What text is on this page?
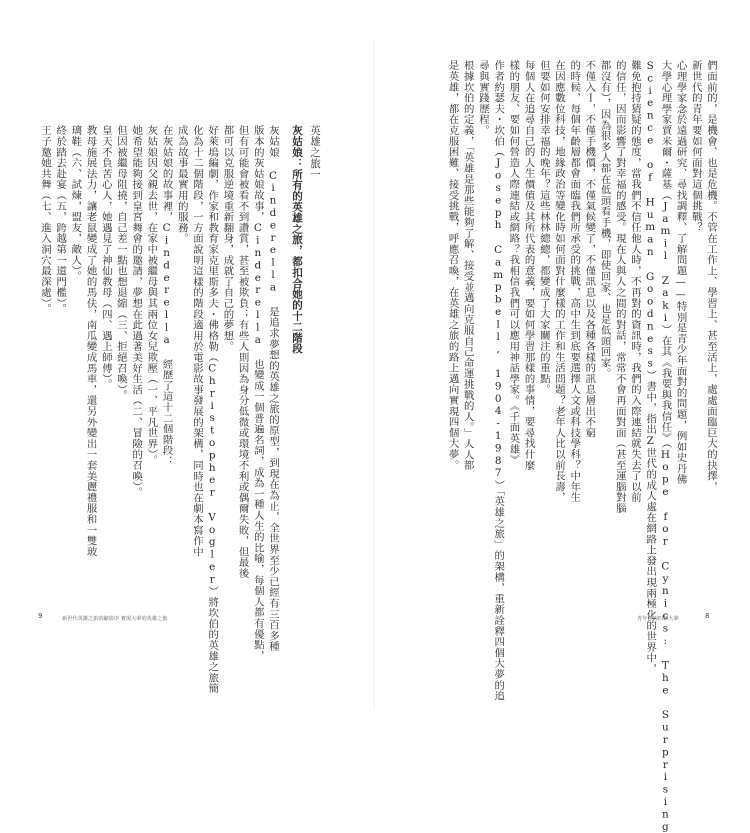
英雄之旅一
灰姑娘：所有的英雄之旅，都扣合她的十二階段
灰姑娘 Cinderella 是追求夢想的英雄之旅的原型，到現在為止，全世界至少已經有三百多種
版本的灰姑娘故事，Cinderella 也變成一個普遍名詞，成為一種人生的比喻，每個人都有優點，
但有可能會被看不到讚賞，甚至被欺負；有些人則因為身分低微或環境不利或偶爾失敗，但最後
都可以克服逆境重新翻身，成就了自己的夢想。
好萊塢編劇，作家和教育家克里斯多夫・佛格勒（Christopher Vogler）將坎伯的英雄之旅簡
化為十二個階段，一方面說明這樣的階段適用於電影故事發展的架構，同時也在劇本寫作中
成為故事最實用的服務。
在灰姑娘的故事裡，Cinderella 經歷了這十二個階段：
灰姑娘因父親去世，在家中被繼母與其兩位女兒欺壓（一、平凡世界）。
她希望能夠接到皇宮舞會的邀請，夢想在此過著美好生活（二、冒險的召喚）。
但因被繼母阻撓，自己差一點也想退縮（三、拒絕召喚）。
皇天不負苦心人，她遇見了神仙教母（四、遇上師傅）。
教母施展法力，讓老鼠變成了她的馬伕，南瓜變成馬車，還另外變出一套美麗禮服和一雙玻
璃鞋（六、試煉，盟友，敵人）。
終於踏去赴宴（五，跨越第一道門檻）。
王子邀她共舞（七、進入洞穴最深處）。
9	新世代英雄之旅的縮影序 實現大夢的英雄之旅
們面前的，是機會、也是危機。不管在工作上、學習上、甚至活上，處處面臨巨大的抉擇，
新世代的青年要如何面對這個挑戰？
心理學家念於遠過研究、尋找調釋、了解問題——特別是青少年面對的問題，例如史丹佛
大學心理學家賈米爾・薩基（Jamil Zaki）在其《我要與我信任》（Hope for Cynics: The Surprising
Science of Human Goodness）書中，指出Z世代的成人處在網路上發出現兩極化的世界中，
難免抱持猜疑的態度，當我們不信任他人時，不再對的資訊時，我們的入際連結就失去了以前
的信任，因而影響了對幸福的感受。現在人與人之間的對話，常常不會再面對面（甚至運腦對腦
都沒有），因為很多人都在低頭看手機，即使回家、也是低頭回家。
不僅入Ｉ，不僅手機價，不僅氣候變了，不僅訊息以及各種各樣的訊息層出不窮
的時候，每個年齡層都會面臨我們所承受的挑戰，高中生到底要選擇人文或科技學科？中年生
在因應數位科技，地緣政治等變化時如何面對什麼樣的工作和生活問題？老年人比以前長壽，
但要如何安排幸福的晚年？這些林林總總，都變成了大家關注的重點。
每個人在追尋自己的人生價值及其所代表的意義，要如何學習那樣的事情，要尋找什麼
樣的朋友、要如何營造人際連結或網路？我相信我們可以應用神話學家。《千面英雄》
作者約瑟夫・坎伯（Joseph Campbell, 1904-1987）「英雄之旅」的架構，重新詮釋四個大夢的追
尋與實踐歷程。
根據坎伯的定義，「英雄是那些能夠了解、接受並邁向克服自己命運挑戰的人。」人人都
是英雄，都在克服困難、接受挑戰，呼應召喚，在英雄之旅的路上邁向實現四個大夢。
青年你的四個大夢	8
